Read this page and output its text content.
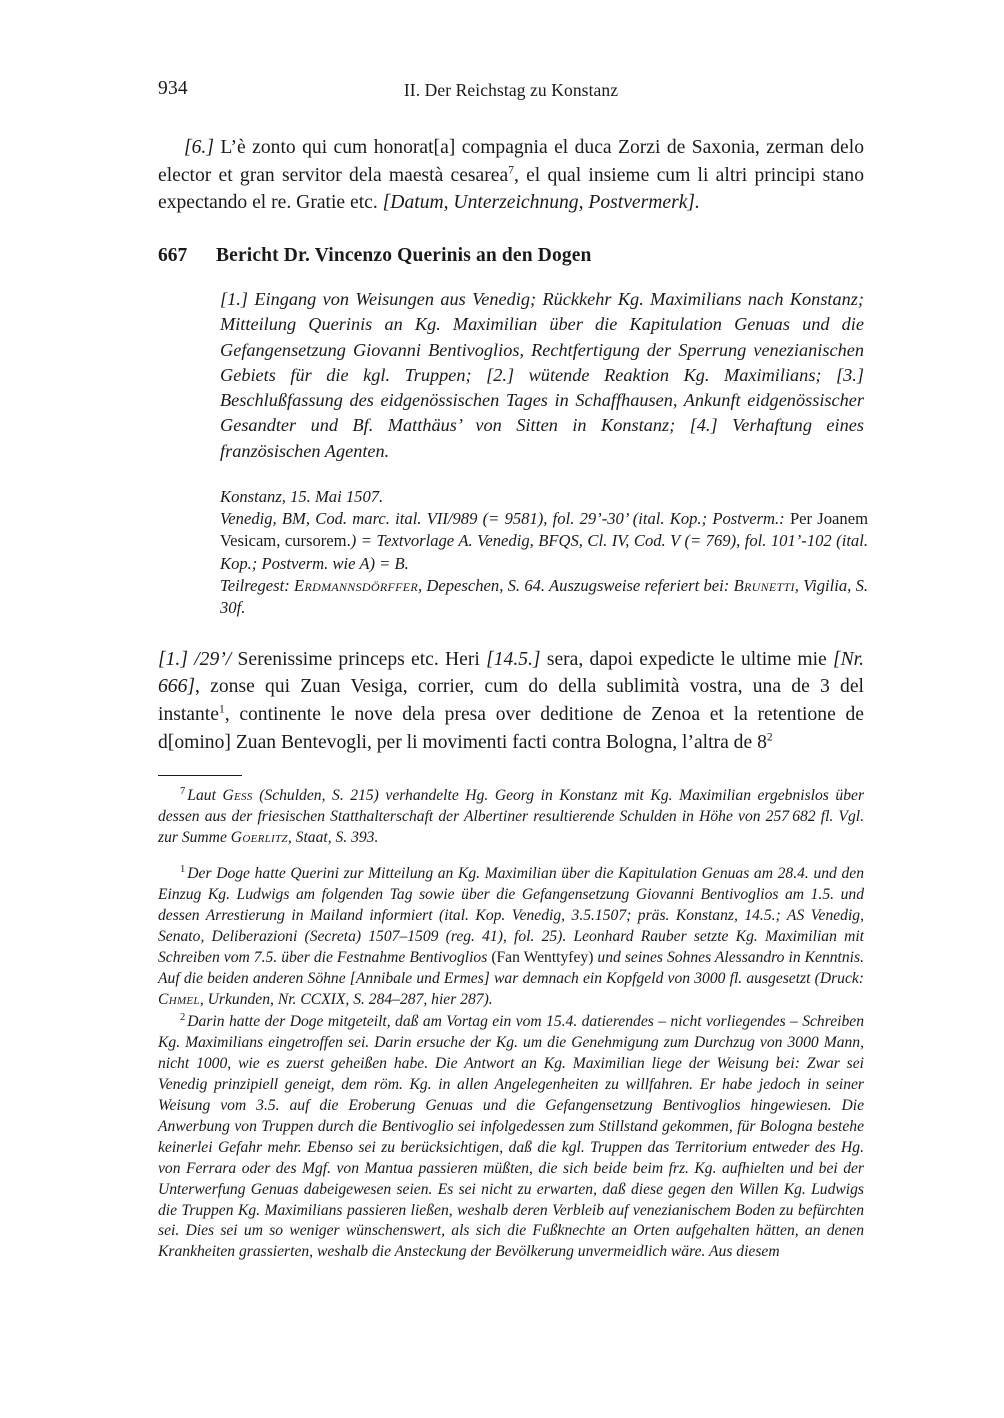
934	II. Der Reichstag zu Konstanz

[6.] L’è zonto qui cum honorat[a] compagnia el duca Zorzi de Saxonia, zerman delo elector et gran servitor dela maestà cesarea$^7$, el qual insieme cum li altri principi stano expectando el re. Gratie etc. [Datum, Unterzeichnung, Postvermerk].

667	Bericht Dr. Vincenzo Querinis an den Dogen

[1.] Eingang von Weisungen aus Venedig; Rückkehr Kg. Maximilians nach Konstanz; Mitteilung Querinis an Kg. Maximilian über die Kapitulation Genuas und die Gefangensetzung Giovanni Bentivoglios, Rechtfertigung der Sperrung venezianischen Gebiets für die kgl. Truppen; [2.] wütende Reaktion Kg. Maximilians; [3.] Beschlußfassung des eidgenössischen Tages in Schaffhausen, Ankunft eidgenössischer Gesandter und Bf. Matthäus’ von Sitten in Konstanz; [4.] Verhaftung eines französischen Agenten.

Konstanz, 15. Mai 1507.

Venedig, BM, Cod. marc. ital. VII/989 (= 9581), fol. 29’-30’ (ital. Kop.; Postverm.: Per Joanem Vesicam, cursorem.) = Textvorlage A. Venedig, BFQS, Cl. IV, Cod. V (= 769), fol. 101’-102 (ital. Kop.; Postverm. wie A) = B.

Teilregest: Erdmannsdörffer, Depeschen, S. 64. Auszugsweise referiert bei: Brunetti, Vigilia, S. 30f.

[1.] /29’/ Serenissime princeps etc. Heri [14.5.] sera, dapoi expedicte le ultime mie [Nr. 666], zonse qui Zuan Vesiga, corrier, cum do della sublimità vostra, una de 3 del instante$^1$, continente le nove dela presa over deditione de Zenoa et la retentione de d[omino] Zuan Bentevogli, per li movimenti facti contra Bologna, l’altra de 8$^2$

$^7$ Laut Gess (Schulden, S. 215) verhandelte Hg. Georg in Konstanz mit Kg. Maximilian ergebnislos über dessen aus der friesischen Statthalterschaft der Albertiner resultierende Schulden in Höhe von 257 682 fl. Vgl. zur Summe Goerlitz, Staat, S. 393.

$^1$ Der Doge hatte Querini zur Mitteilung an Kg. Maximilian über die Kapitulation Genuas am 28.4. und den Einzug Kg. Ludwigs am folgenden Tag sowie über die Gefangensetzung Giovanni Bentivoglios am 1.5. und dessen Arrestierung in Mailand informiert (ital. Kop. Venedig, 3.5.1507; präs. Konstanz, 14.5.; AS Venedig, Senato, Deliberazioni (Secreta) 1507–1509 (reg. 41), fol. 25). Leonhard Rauber setzte Kg. Maximilian mit Schreiben vom 7.5. über die Festnahme Bentivoglios (Fan Wenttyfey) und seines Sohnes Alessandro in Kenntnis. Auf die beiden anderen Söhne [Annibale und Ermes] war demnach ein Kopfgeld von 3000 fl. ausgesetzt (Druck: Chmel, Urkunden, Nr. CCXIX, S. 284–287, hier 287).

$^2$ Darin hatte der Doge mitgeteilt, daß am Vortag ein vom 15.4. datierendes – nicht vorliegendes – Schreiben Kg. Maximilians eingetroffen sei. Darin ersuche der Kg. um die Genehmigung zum Durchzug von 3000 Mann, nicht 1000, wie es zuerst geheißen habe. Die Antwort an Kg. Maximilian liege der Weisung bei: Zwar sei Venedig prinzipiell geneigt, dem röm. Kg. in allen Angelegenheiten zu willfahren. Er habe jedoch in seiner Weisung vom 3.5. auf die Eroberung Genuas und die Gefangensetzung Bentivoglios hingewiesen. Die Anwerbung von Truppen durch die Bentivoglio sei infolgedessen zum Stillstand gekommen, für Bologna bestehe keinerlei Gefahr mehr. Ebenso sei zu berücksichtigen, daß die kgl. Truppen das Territorium entweder des Hg. von Ferrara oder des Mgf. von Mantua passieren müßten, die sich beide beim frz. Kg. aufhielten und bei der Unterwerfung Genuas dabeigewesen seien. Es sei nicht zu erwarten, daß diese gegen den Willen Kg. Ludwigs die Truppen Kg. Maximilians passieren ließen, weshalb deren Verbleib auf venezianischem Boden zu befürchten sei. Dies sei um so weniger wünschenswert, als sich die Fußknechte an Orten aufgehalten hätten, an denen Krankheiten grassierten, weshalb die Ansteckung der Bevölkerung unvermeidlich wäre. Aus diesem
